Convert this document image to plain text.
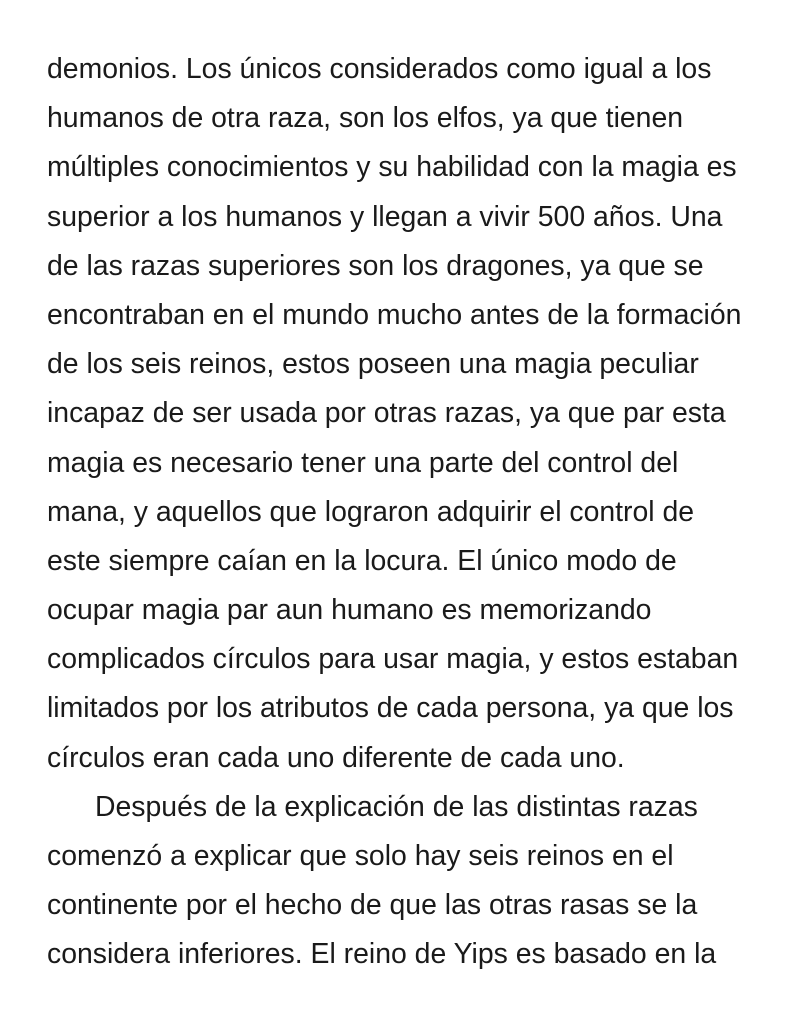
demonios. Los únicos considerados como igual a los
humanos de otra raza, son los elfos, ya que tienen
múltiples conocimientos y su habilidad con la magia es
superior a los humanos y llegan a vivir 500 años. Una
de las razas superiores son los dragones, ya que se
encontraban en el mundo mucho antes de la formación
de los seis reinos, estos poseen una magia peculiar
incapaz de ser usada por otras razas, ya que par esta
magia es necesario tener una parte del control del
mana, y aquellos que lograron adquirir el control de
este siempre caían en la locura. El único modo de
ocupar magia par aun humano es memorizando
complicados círculos para usar magia, y estos estaban
limitados por los atributos de cada persona, ya que los
círculos eran cada uno diferente de cada uno.
Después de la explicación de las distintas razas
comenzó a explicar que solo hay seis reinos en el
continente por el hecho de que las otras rasas se la
considera inferiores. El reino de Yips es basado en la
